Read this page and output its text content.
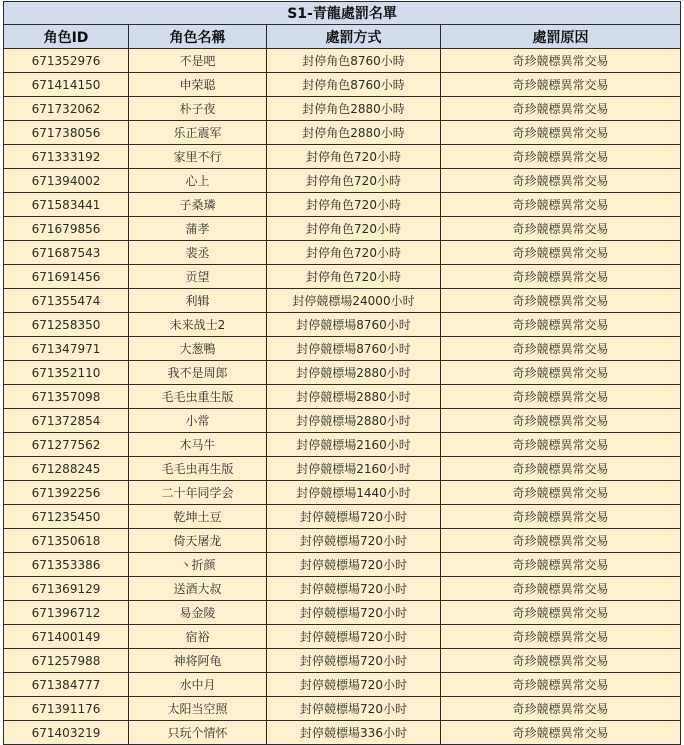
S1-青龍處罰名單			
角色ID	角色名稱	處罰方式	處罰原因
671352976	不是吧	封停角色8760小時	奇珍競標異常交易
671414150	申荣聪	封停角色8760小時	奇珍競標異常交易
671732062	朴子夜	封停角色2880小時	奇珍競標異常交易
671738056	乐正震军	封停角色2880小時	奇珍競標異常交易
671333192	家里不行	封停角色720小時	奇珍競標異常交易
671394002	心上	封停角色720小時	奇珍競標異常交易
671583441	子桑璘	封停角色720小時	奇珍競標異常交易
671679856	蒲孝	封停角色720小時	奇珍競標異常交易
671687543	裴丞	封停角色720小時	奇珍競標異常交易
671691456	贡望	封停角色720小時	奇珍競標異常交易
671355474	利辑	封停競標場24000小时	奇珍競標異常交易
671258350	未来战士2	封停競標場8760小时	奇珍競標異常交易
671347971	大葱鴨	封停競標場8760小时	奇珍競標異常交易
671352110	我不是周郎	封停競標場2880小时	奇珍競標異常交易
671357098	毛毛虫重生版	封停競標場2880小时	奇珍競標異常交易
671372854	小常	封停競標場2880小时	奇珍競標異常交易
671277562	木马牛	封停競標場2160小时	奇珍競標異常交易
671288245	毛毛虫再生版	封停競標場2160小时	奇珍競標異常交易
671392256	二十年同学会	封停競標場1440小时	奇珍競標異常交易
671235450	乾坤土豆	封停競標場720小时	奇珍競標異常交易
671350618	倚天屠龙	封停競標場720小时	奇珍競標異常交易
671353386	丶折颜	封停競標場720小时	奇珍競標異常交易
671369129	送酒大叔	封停競標場720小时	奇珍競標異常交易
671396712	易金陵	封停競標場720小时	奇珍競標異常交易
671400149	宿裕	封停競標場720小时	奇珍競標異常交易
671257988	神将阿龟	封停競標場720小时	奇珍競標異常交易
671384777	水中月	封停競標場720小时	奇珍競標異常交易
671391176	太阳当空照	封停競標場720小时	奇珍競標異常交易
671403219	只玩个情怀	封停競標場336小时	奇珍競標異常交易
